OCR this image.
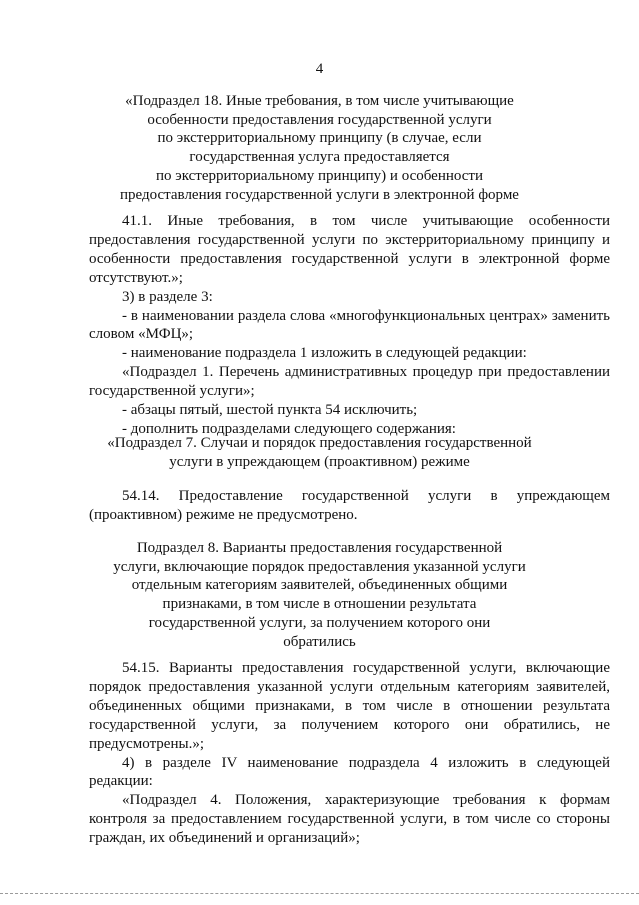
4
«Подраздел 18. Иные требования, в том числе учитывающие
особенности предоставления государственной услуги
по экстерриториальному принципу (в случае, если
государственная услуга предоставляется
по экстерриториальному принципу) и особенности
предоставления государственной услуги в электронной форме
41.1. Иные требования, в том числе учитывающие особенности предоставления государственной услуги по экстерриториальному принципу и особенности предоставления государственной услуги в электронной форме отсутствуют.»;
3) в разделе 3:
- в наименовании раздела слова «многофункциональных центрах» заменить словом «МФЦ»;
- наименование подраздела 1 изложить в следующей редакции:
«Подраздел 1. Перечень административных процедур при предоставлении государственной услуги»;
- абзацы пятый, шестой пункта 54 исключить;
- дополнить подразделами следующего содержания:
«Подраздел 7. Случаи и порядок предоставления государственной
услуги в упреждающем (проактивном) режиме
54.14. Предоставление государственной услуги в упреждающем (проактивном) режиме не предусмотрено.
Подраздел 8. Варианты предоставления государственной
услуги, включающие порядок предоставления указанной услуги
отдельным категориям заявителей, объединенных общими
признаками, в том числе в отношении результата
государственной услуги, за получением которого они
обратились
54.15. Варианты предоставления государственной услуги, включающие порядок предоставления указанной услуги отдельным категориям заявителей, объединенных общими признаками, в том числе в отношении результата государственной услуги, за получением которого они обратились, не предусмотрены.»;
4) в разделе IV наименование подраздела 4 изложить в следующей редакции:
«Подраздел 4. Положения, характеризующие требования к формам контроля за предоставлением государственной услуги, в том числе со стороны граждан, их объединений и организаций»;
